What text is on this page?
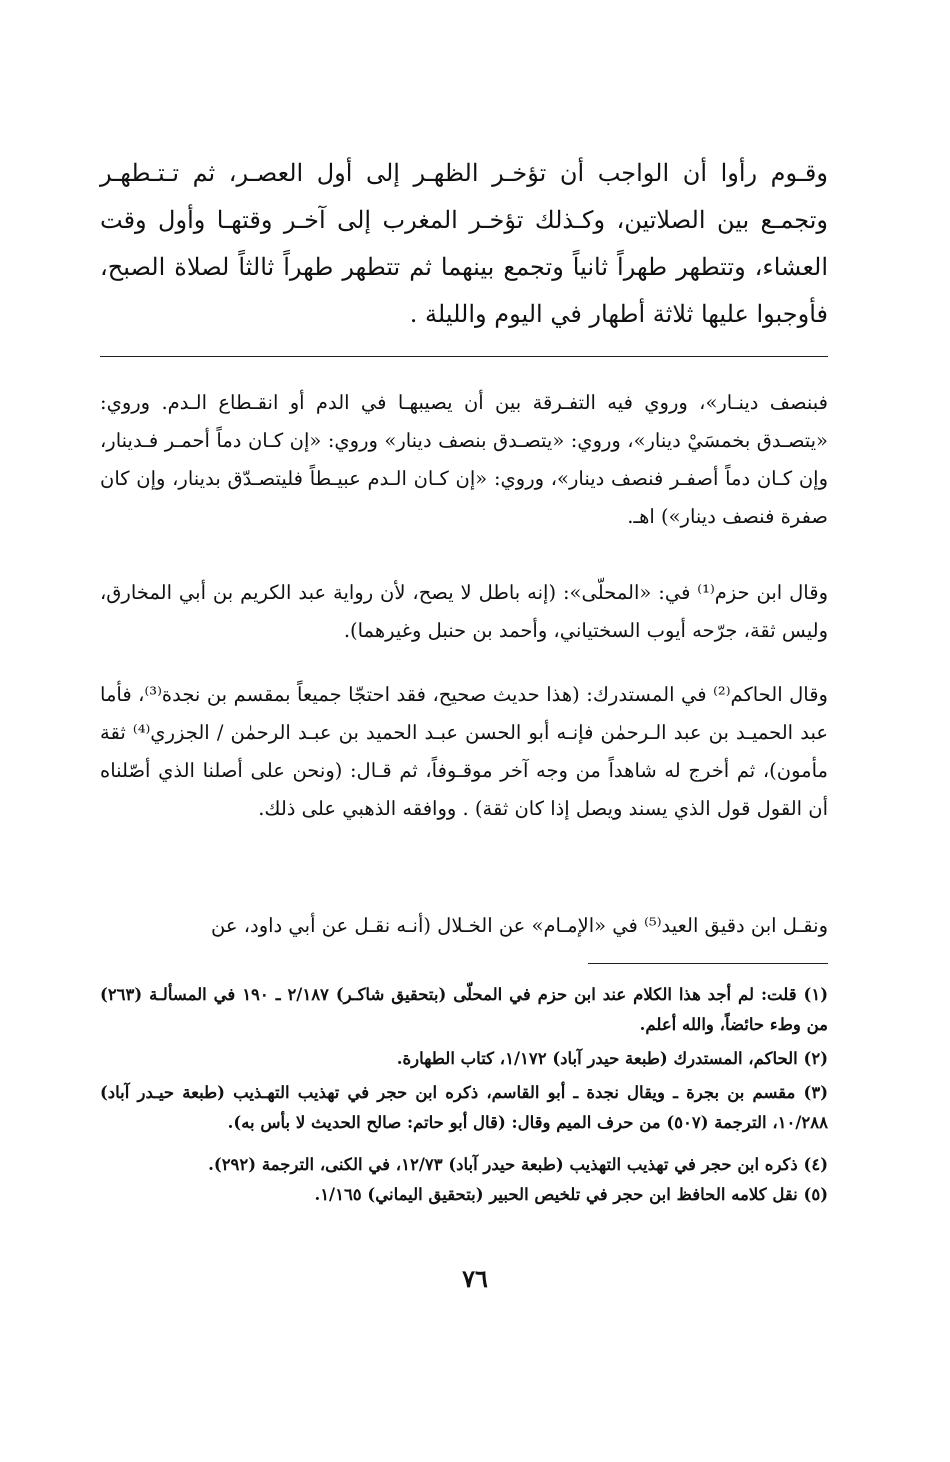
وقـوم رأوا أن الواجب أن تؤخـر الظهـر إلى أول العصـر، ثم تـتـطهـر وتجمـع بين الصلاتين، وكـذلك تؤخـر المغرب إلى آخـر وقتهـا وأول وقت العشاء، وتتطهر طهراً ثانياً وتجمع بينهما ثم تتطهر طهراً ثالثاً لصلاة الصبح، فأوجبوا عليها ثلاثة أطهار في اليوم والليلة .

فبنصف دينـار»، وروي فيه التفـرقة بين أن يصيبهـا في الدم أو انقـطاع الـدم. وروي: «يتصـدق بخمسَيْ دينار»، وروي: «يتصـدق بنصف دينار» وروي: «إن كـان دماً أحمـر فـدينار، وإن كـان دماً أصفـر فنصف دينار»، وروي: «إن كـان الـدم عبيـطاً فليتصـدّق بدينار، وإن كان صفرة فنصف دينار») اهـ.

وقال ابن حزم⁽¹⁾ في: «المحلّى»: (إنه باطل لا يصح، لأن رواية عبد الكريم بن أبي المخارق، وليس ثقة، جرّحه أيوب السختياني، وأحمد بن حنبل وغيرهما).

وقال الحاكم⁽²⁾ في المستدرك: (هذا حديث صحيح، فقد احتجّا جميعاً بمقسم بن نجدة⁽³⁾، فأما عبد الحميـد بن عبد الـرحمٰن فإنـه أبو الحسن عبـد الحميد بن عبـد الرحمٰن / الجزري⁽⁴⁾ ثقة مأمون)، ثم أخرج له شاهداً من وجه آخر موقـوفاً، ثم قـال: (ونحن على أصلنا الذي أصّلناه أن القول قول الذي يسند ويصل إذا كان ثقة) . ووافقه الذهبي على ذلك.

ونقـل ابن دقيق العيد⁽⁵⁾ في «الإمـام» عن الخـلال (أنـه نقـل عن أبي داود، عن

(١) قلت: لم أجد هذا الكلام عند ابن حزم في المحلّى (بتحقيق شاكـر) ٢/١٨٧ ـ ١٩٠ في المسألـة (٢٦٣) من وطء حائضاً، والله أعلم.

(٢) الحاكم، المستدرك (طبعة حيدر آباد) ١/١٧٢، كتاب الطهارة.

(٣) مقسم بن بجرة ـ ويقال نجدة ـ أبو القاسم، ذكره ابن حجر في تهذيب التهـذيب (طبعة حيـدر آباد) ١٠/٢٨٨، الترجمة (٥٠٧) من حرف الميم وقال: (قال أبو حاتم: صالح الحديث لا بأس به).

(٤) ذكره ابن حجر في تهذيب التهذيب (طبعة حيدر آباد) ١٢/٧٣، في الكنى، الترجمة (٢٩٢).

(٥) نقل كلامه الحافظ ابن حجر في تلخيص الحبير (بتحقيق اليماني) ١/١٦٥.

٧٦
